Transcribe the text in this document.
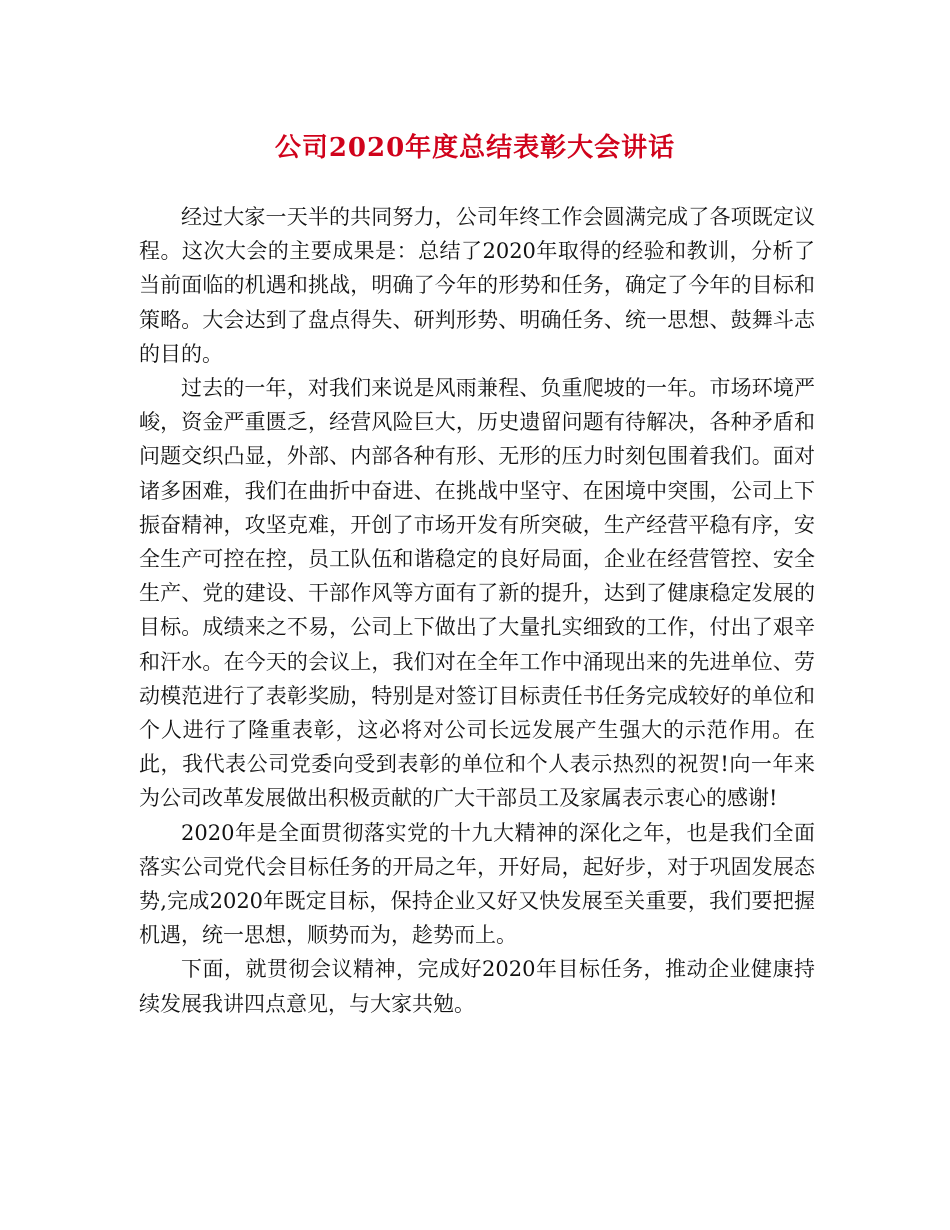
公司2020年度总结表彰大会讲话

经过大家一天半的共同努力，公司年终工作会圆满完成了各项既定议程。这次大会的主要成果是：总结了2020年取得的经验和教训，分析了当前面临的机遇和挑战，明确了今年的形势和任务，确定了今年的目标和策略。大会达到了盘点得失、研判形势、明确任务、统一思想、鼓舞斗志的目的。

过去的一年，对我们来说是风雨兼程、负重爬坡的一年。市场环境严峻，资金严重匮乏，经营风险巨大，历史遗留问题有待解决，各种矛盾和问题交织凸显，外部、内部各种有形、无形的压力时刻包围着我们。面对诸多困难，我们在曲折中奋进、在挑战中坚守、在困境中突围，公司上下振奋精神，攻坚克难，开创了市场开发有所突破，生产经营平稳有序，安全生产可控在控，员工队伍和谐稳定的良好局面，企业在经营管控、安全生产、党的建设、干部作风等方面有了新的提升，达到了健康稳定发展的目标。成绩来之不易，公司上下做出了大量扎实细致的工作，付出了艰辛和汗水。在今天的会议上，我们对在全年工作中涌现出来的先进单位、劳动模范进行了表彰奖励，特别是对签订目标责任书任务完成较好的单位和个人进行了隆重表彰，这必将对公司长远发展产生强大的示范作用。在此，我代表公司党委向受到表彰的单位和个人表示热烈的祝贺!向一年来为公司改革发展做出积极贡献的广大干部员工及家属表示衷心的感谢!

2020年是全面贯彻落实党的十九大精神的深化之年，也是我们全面落实公司党代会目标任务的开局之年，开好局，起好步，对于巩固发展态势,完成2020年既定目标，保持企业又好又快发展至关重要，我们要把握机遇，统一思想，顺势而为，趁势而上。

下面，就贯彻会议精神，完成好2020年目标任务，推动企业健康持续发展我讲四点意见，与大家共勉。
